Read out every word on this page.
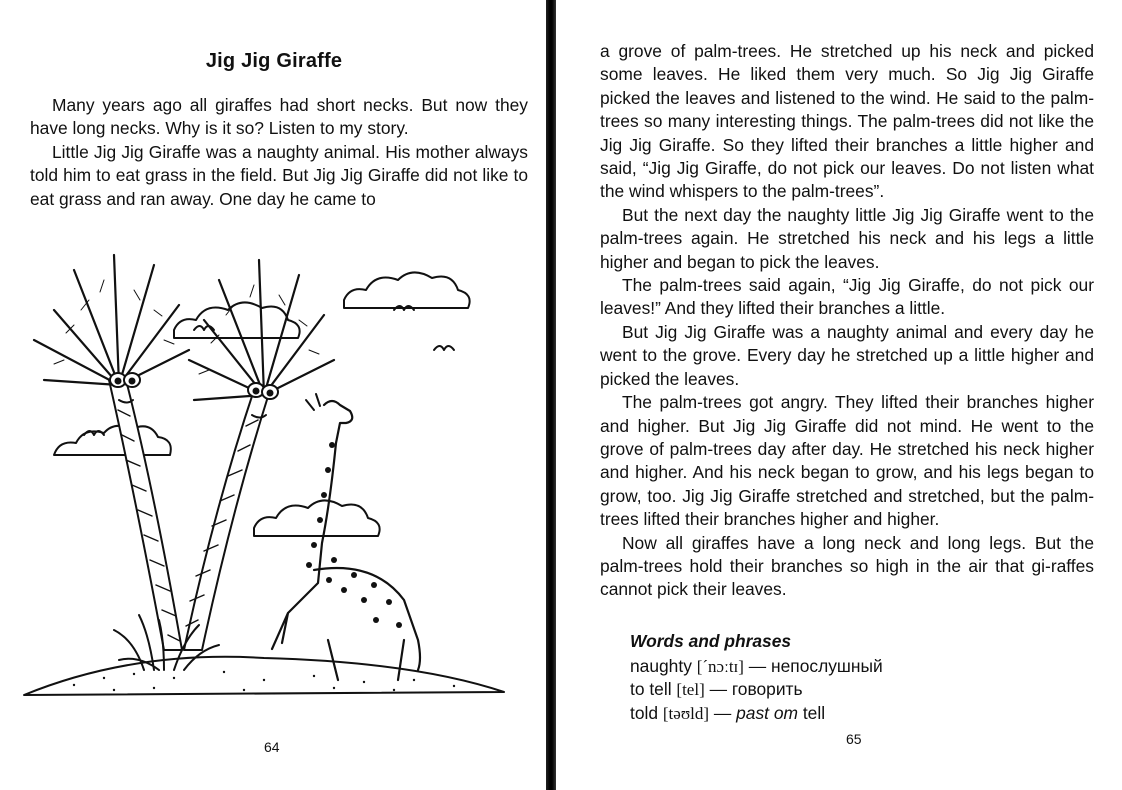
Jig Jig Giraffe

Many years ago all giraffes had short necks. But now they have long necks. Why is it so? Listen to my story.

Little Jig Jig Giraffe was a naughty animal. His mother always told him to eat grass in the field. But Jig Jig Giraffe did not like to eat grass and ran away. One day he came to

64

a grove of palm-trees. He stretched up his neck and picked some leaves. He liked them very much. So Jig Jig Giraffe picked the leaves and listened to the wind. He said to the palm-trees so many interesting things. The palm-trees did not like the Jig Jig Giraffe. So they lifted their branches a little higher and said, “Jig Jig Giraffe, do not pick our leaves. Do not listen what the wind whispers to the palm-trees”.

But the next day the naughty little Jig Jig Giraffe went to the palm-trees again. He stretched his neck and his legs a little higher and began to pick the leaves.

The palm-trees said again, “Jig Jig Giraffe, do not pick our leaves!” And they lifted their branches a little.

But Jig Jig Giraffe was a naughty animal and every day he went to the grove. Every day he stretched up a little higher and picked the leaves.

The palm-trees got angry. They lifted their branches higher and higher. But Jig Jig Giraffe did not mind. He went to the grove of palm-trees day after day. He stretched his neck higher and higher. And his neck began to grow, and his legs began to grow, too. Jig Jig Giraffe stretched and stretched, but the palm-trees lifted their branches higher and higher.

Now all giraffes have a long neck and long legs. But the palm-trees hold their branches so high in the air that gi-raffes cannot pick their leaves.

Words and phrases
naughty [ˊnɔːtɪ] — непослушный
to tell [tel] — говорить
told [təʊld] — past от tell
65
